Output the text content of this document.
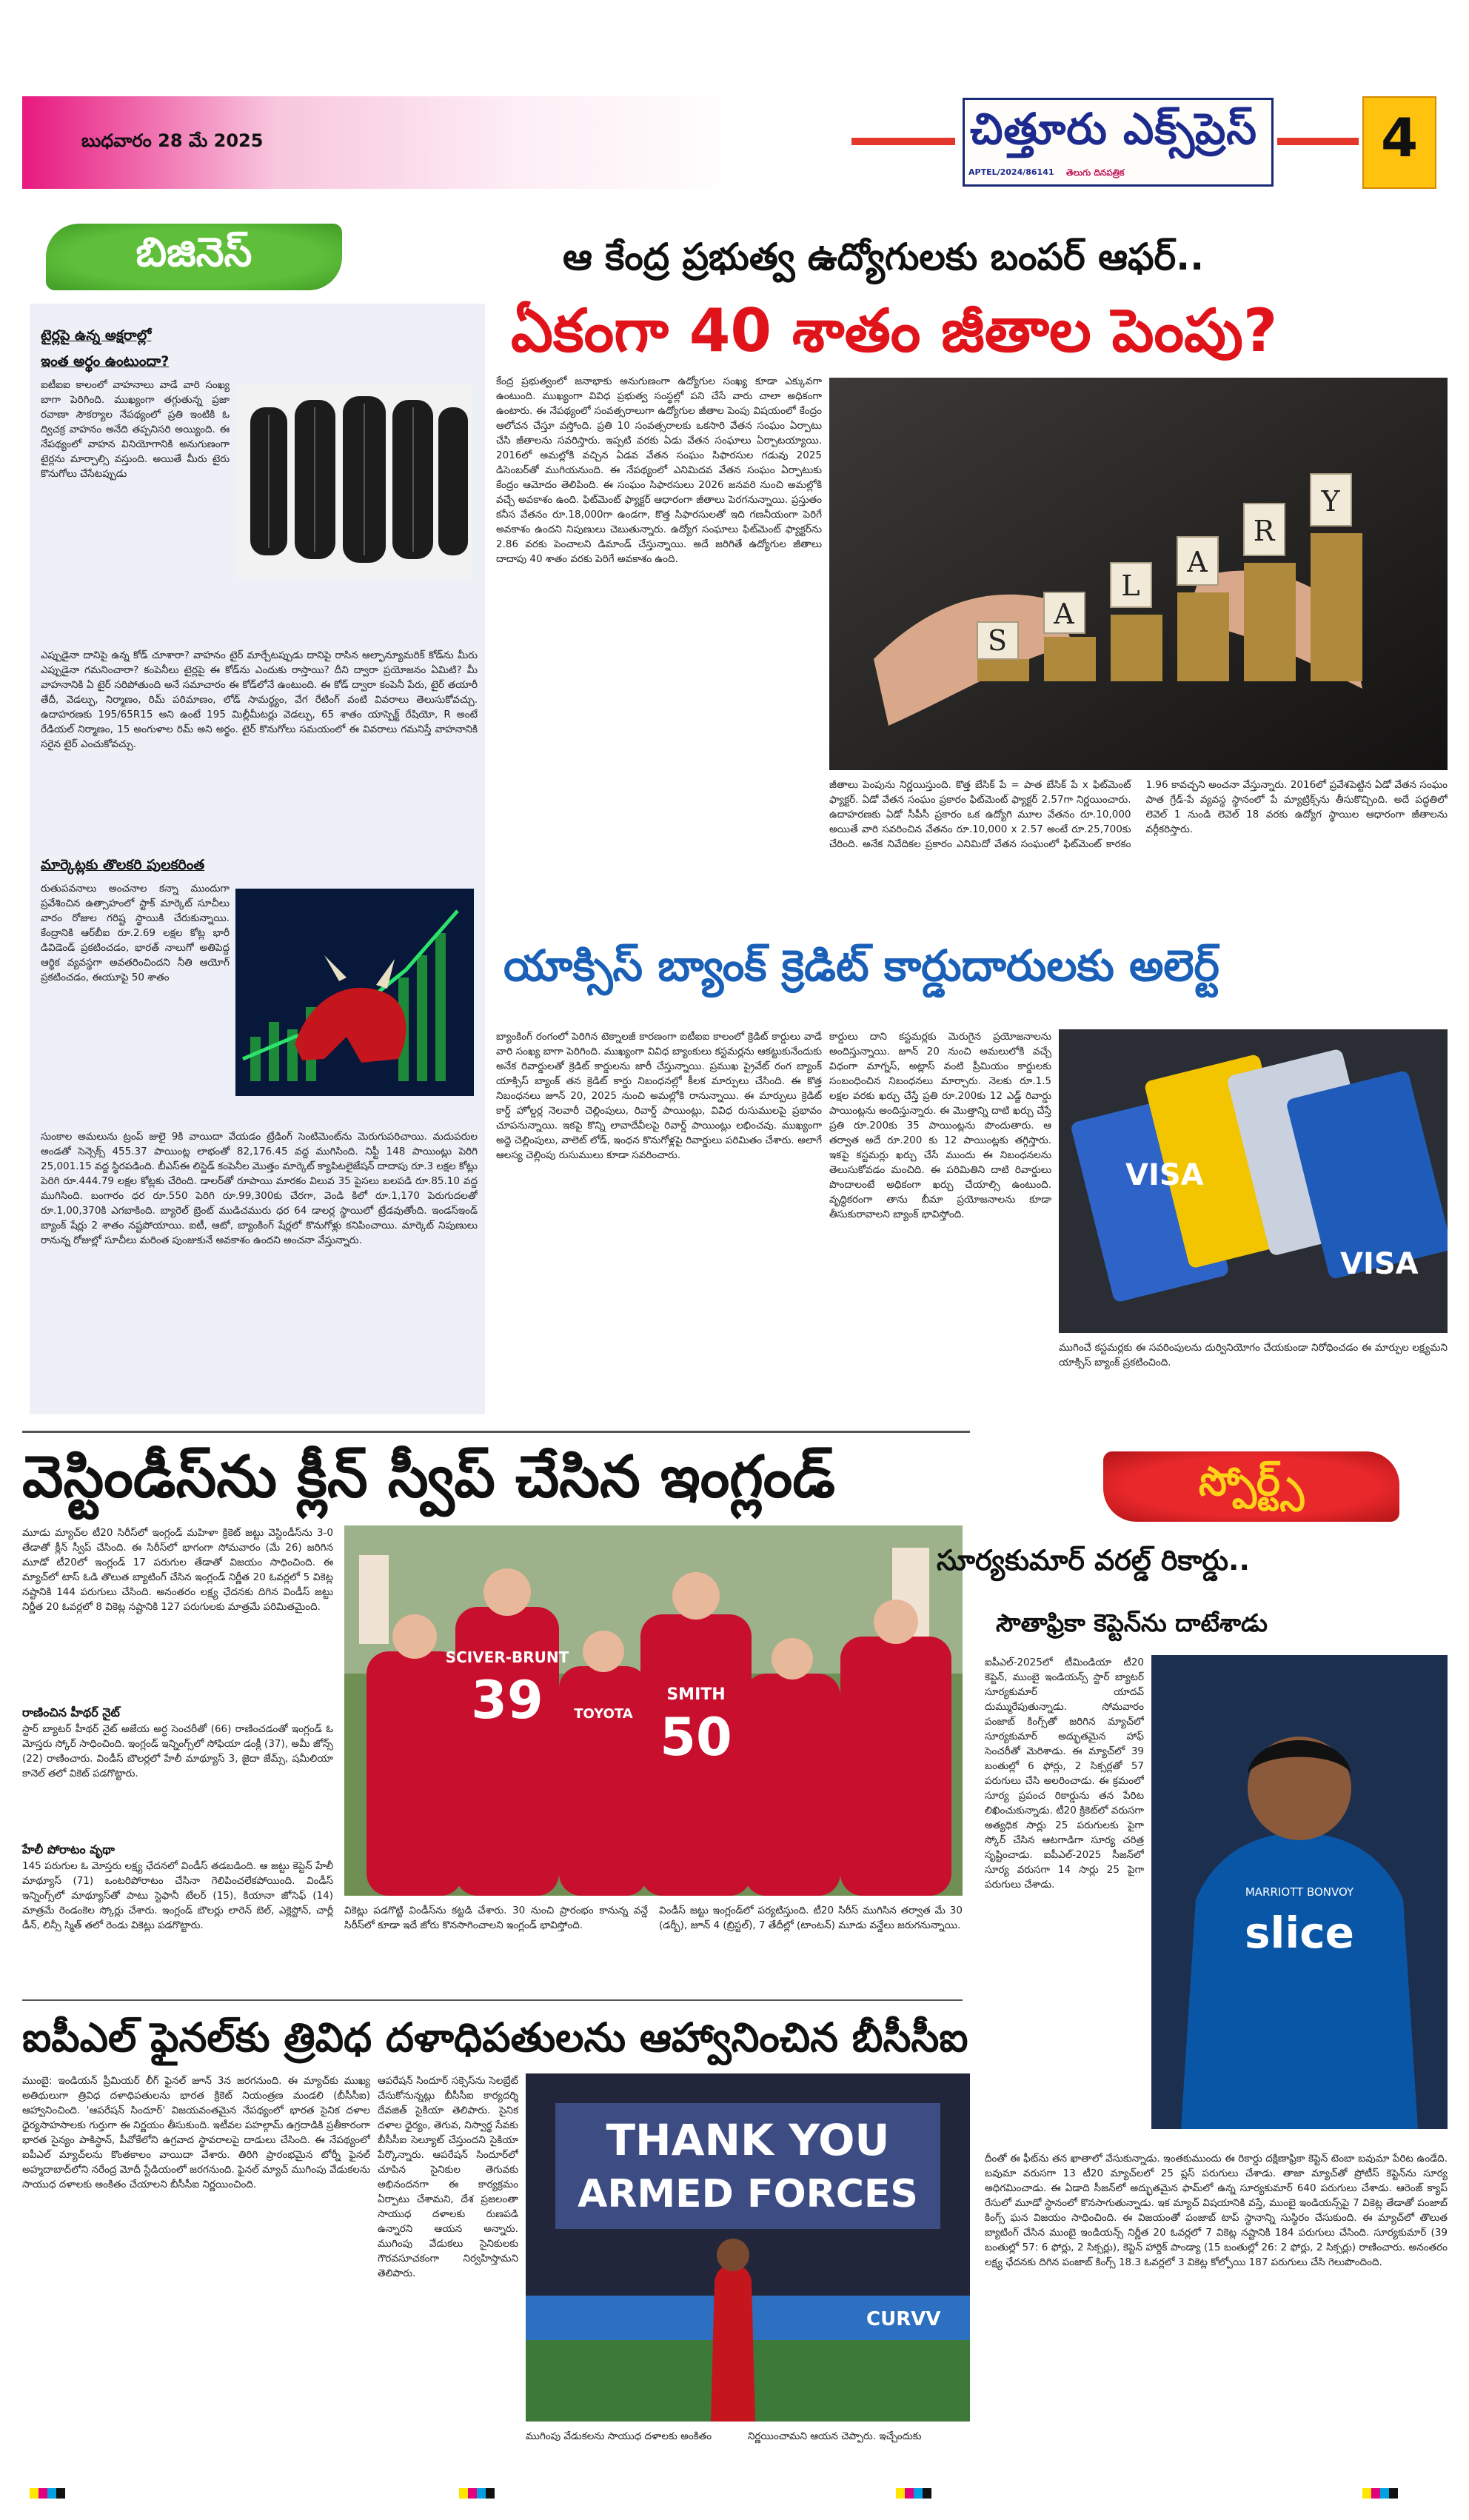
బుధవారం 28 మే 2025	చిత్తూరు ఎక్స్‌ప్రెస్
APTEL/2024/86141 తెలుగు దినపత్రిక
4
బిజినెస్	ఆ కేంద్ర ప్రభుత్వ ఉద్యోగులకు బంపర్ ఆఫర్..
ఏకంగా 40 శాతం జీతాల పెంపు?
టైర్లపై ఉన్న అక్షరాల్లో
ఇంత అర్థం ఉంటుందా?
ఐటీఐఐ కాలంలో వాహనాలు వాడే వారి సంఖ్య బాగా పెరిగింది. ముఖ్యంగా తగ్గుతున్న ప్రజా రవాణా సౌకర్యాల నేపథ్యంలో ప్రతి ఇంటికి ఓ ద్విచక్ర వాహనం అనేది తప్పనిసరి అయ్యింది. ఈ నేపథ్యంలో వాహన వినియోగానికి అనుగుణంగా టైర్లను మార్చాల్సి వస్తుంది. అయితే మీరు టైరు కొనుగోలు చేసేటప్పుడు
ఎప్పుడైనా దానిపై ఉన్న కోడ్ చూశారా? వాహనం టైర్ మార్చేటప్పుడు దానిపై రాసిన ఆల్ఫాన్యూమరిక్ కోడ్‌ను మీరు ఎప్పుడైనా గమనించారా? కంపెనీలు టైర్లపై ఈ కోడ్‌ను ఎందుకు రాస్తాయి? దీని ద్వారా ప్రయోజనం ఏమిటి? మీ వాహనానికి ఏ టైర్ సరిపోతుంది అనే సమాచారం ఈ కోడ్‌లోనే ఉంటుంది. ఈ కోడ్ ద్వారా కంపెనీ పేరు, టైర్ తయారీ తేదీ, వెడల్పు, నిర్మాణం, రిమ్ పరిమాణం, లోడ్ సామర్థ్యం, వేగ రేటింగ్ వంటి వివరాలు తెలుసుకోవచ్చు. ఉదాహరణకు 195/65R15 అని ఉంటే 195 మిల్లీమీటర్లు వెడల్పు, 65 శాతం యాస్పెక్ట్ రేషియో, R అంటే రేడియల్ నిర్మాణం, 15 అంగుళాల రిమ్ అని అర్థం. టైర్ కొనుగోలు సమయంలో ఈ వివరాలు గమనిస్తే వాహనానికి సరైన టైర్ ఎంచుకోవచ్చు.
మార్కెట్లకు తొలకరి పులకరింత
రుతుపవనాలు అంచనాల కన్నా ముందుగా ప్రవేశించిన ఉత్సాహంలో స్టాక్ మార్కెట్ సూచీలు వారం రోజుల గరిష్ట స్థాయికి చేరుకున్నాయి. కేంద్రానికి ఆర్‌బీఐ రూ.2.69 లక్షల కోట్ల భారీ డివిడెండ్ ప్రకటించడం, భారత్ నాలుగో అతిపెద్ద ఆర్థిక వ్యవస్థగా అవతరించిందని నీతి ఆయోగ్ ప్రకటించడం, ఈయూపై 50 శాతం
సుంకాల అమలును ట్రంప్ జులై 9కి వాయిదా వేయడం ట్రేడింగ్ సెంటిమెంట్‌ను మెరుగుపరిచాయి. మదుపరుల అండతో సెన్సెక్స్ 455.37 పాయింట్ల లాభంతో 82,176.45 వద్ద ముగిసింది. నిఫ్టీ 148 పాయింట్లు పెరిగి 25,001.15 వద్ద స్థిరపడింది. బీఎస్ఈ లిస్టెడ్ కంపెనీల మొత్తం మార్కెట్ క్యాపిటలైజేషన్ దాదాపు రూ.3 లక్షల కోట్లు పెరిగి రూ.444.79 లక్షల కోట్లకు చేరింది. డాలర్‌తో రూపాయి మారకం విలువ 35 పైసలు బలపడి రూ.85.10 వద్ద ముగిసింది. బంగారం ధర రూ.550 పెరిగి రూ.99,300కు చేరగా, వెండి కిలో రూ.1,170 పెరుగుదలతో రూ.1,00,370కి ఎగబాకింది. బ్యారెల్ బ్రెంట్ ముడిచమురు ధర 64 డాలర్ల స్థాయిలో ట్రేడవుతోంది. ఇండస్ఇండ్ బ్యాంక్ షేర్లు 2 శాతం నష్టపోయాయి. ఐటీ, ఆటో, బ్యాంకింగ్ షేర్లలో కొనుగోళ్లు కనిపించాయి. మార్కెట్ నిపుణులు రానున్న రోజుల్లో సూచీలు మరింత పుంజుకునే అవకాశం ఉందని అంచనా వేస్తున్నారు.
కేంద్ర ప్రభుత్వంలో జనాభాకు అనుగుణంగా ఉద్యోగుల సంఖ్య కూడా ఎక్కువగా ఉంటుంది. ముఖ్యంగా వివిధ ప్రభుత్వ సంస్థల్లో పని చేసే వారు చాలా అధికంగా ఉంటారు. ఈ నేపథ్యంలో సంవత్సరాలుగా ఉద్యోగుల జీతాల పెంపు విషయంలో కేంద్రం ఆలోచన చేస్తూ వస్తోంది. ప్రతి 10 సంవత్సరాలకు ఒకసారి వేతన సంఘం ఏర్పాటు చేసి జీతాలను సవరిస్తారు. ఇప్పటి వరకు ఏడు వేతన సంఘాలు ఏర్పాటయ్యాయి. 2016లో అమల్లోకి వచ్చిన ఏడవ వేతన సంఘం సిఫారసుల గడువు 2025 డిసెంబర్‌తో ముగియనుంది. ఈ నేపథ్యంలో ఎనిమిదవ వేతన సంఘం ఏర్పాటుకు కేంద్రం ఆమోదం తెలిపింది. ఈ సంఘం సిఫారసులు 2026 జనవరి నుంచి అమల్లోకి వచ్చే అవకాశం ఉంది. ఫిట్‌మెంట్ ఫ్యాక్టర్ ఆధారంగా జీతాలు పెరగనున్నాయి. ప్రస్తుతం కనీస వేతనం రూ.18,000గా ఉండగా, కొత్త సిఫారసులతో ఇది గణనీయంగా పెరిగే అవకాశం ఉందని నిపుణులు చెబుతున్నారు. ఉద్యోగ సంఘాలు ఫిట్‌మెంట్ ఫ్యాక్టర్‌ను 2.86 వరకు పెంచాలని డిమాండ్ చేస్తున్నాయి. అదే జరిగితే ఉద్యోగుల జీతాలు దాదాపు 40 శాతం వరకు పెరిగే అవకాశం ఉంది.
S
A
L
A
R
Y
జీతాలు పెంపును నిర్ణయిస్తుంది. కొత్త బేసిక్ పే = పాత బేసిక్ పే x ఫిట్‌మెంట్ ఫ్యాక్టర్. ఏడో వేతన సంఘం ప్రకారం ఫిట్‌మెంట్ ఫ్యాక్టర్ 2.57గా నిర్ణయించారు. ఉదాహరణకు ఏడో సీపీసీ ప్రకారం ఒక ఉద్యోగి మూల వేతనం రూ.10,000 అయితే వారి సవరించిన వేతనం రూ.10,000 x 2.57 అంటే రూ.25,700కు చేరింది. అనేక నివేదికల ప్రకారం ఎనిమిదో వేతన సంఘంలో ఫిట్‌మెంట్ కారకం 1.96 కావచ్చని అంచనా వేస్తున్నారు. 2016లో ప్రవేశపెట్టిన ఏడో వేతన సంఘం పాత గ్రేడ్-పే వ్యవస్థ స్థానంలో పే మ్యాట్రిక్స్‌ను తీసుకొచ్చింది. అదే పద్ధతిలో లెవెల్ 1 నుండి లెవెల్ 18 వరకు ఉద్యోగ స్థాయిల ఆధారంగా జీతాలను వర్గీకరిస్తారు.
యాక్సిస్ బ్యాంక్ క్రెడిట్ కార్డుదారులకు అలెర్ట్
బ్యాంకింగ్ రంగంలో పెరిగిన టెక్నాలజీ కారణంగా ఐటీఐఐ కాలంలో క్రెడిట్ కార్డులు వాడే వారి సంఖ్య బాగా పెరిగింది. ముఖ్యంగా వివిధ బ్యాంకులు కస్టమర్లను ఆకట్టుకునేందుకు అనేక రివార్డులతో క్రెడిట్ కార్డులను జారీ చేస్తున్నాయి. ప్రముఖ ప్రైవేట్ రంగ బ్యాంక్ యాక్సిస్ బ్యాంక్ తన క్రెడిట్ కార్డు నిబంధనల్లో కీలక మార్పులు చేసింది. ఈ కొత్త నిబంధనలు జూన్ 20, 2025 నుంచి అమల్లోకి రానున్నాయి. ఈ మార్పులు క్రెడిట్ కార్డ్ హోల్డర్ల నెలవారీ చెల్లింపులు, రివార్డ్ పాయింట్లు, వివిధ రుసుములపై ప్రభావం చూపనున్నాయి. ఇకపై కొన్ని లావాదేవీలపై రివార్డ్ పాయింట్లు లభించవు. ముఖ్యంగా అద్దె చెల్లింపులు, వాలెట్ లోడ్, ఇంధన కొనుగోళ్లపై రివార్డులు పరిమితం చేశారు. అలాగే ఆలస్య చెల్లింపు రుసుములు కూడా సవరించారు.
కార్డులు దాని కస్టమర్లకు మెరుగైన ప్రయోజనాలను అందిస్తున్నాయి. జూన్ 20 నుంచి అమలులోకి వచ్చే విధంగా మాగ్నస్, అట్లాస్ వంటి ప్రీమియం కార్డులకు సంబంధించిన నిబంధనలు మార్చారు. నెలకు రూ.1.5 లక్షల వరకు ఖర్చు చేస్తే ప్రతి రూ.200కు 12 ఎడ్జ్ రివార్డు పాయింట్లను అందిస్తున్నారు. ఈ మొత్తాన్ని దాటి ఖర్చు చేస్తే ప్రతి రూ.200కు 35 పాయింట్లను పొందుతారు. ఆ తర్వాత అదే రూ.200 కు 12 పాయింట్లకు తగ్గిస్తారు. ఇకపై కస్టమర్లు ఖర్చు చేసే ముందు ఈ నిబంధనలను తెలుసుకోవడం మంచిది. ఈ పరిమితిని దాటి రివార్డులు పొందాలంటే అధికంగా ఖర్చు చేయాల్సి ఉంటుంది. వృద్ధికరంగా తాను బీమా ప్రయోజనాలను కూడా తీసుకురావాలని బ్యాంక్ భావిస్తోంది.
VISA
VISA
ముగించే కస్టమర్లకు ఈ సవరింపులను దుర్వినియోగం చేయకుండా నిరోధించడం ఈ మార్పుల లక్ష్యమని యాక్సిస్ బ్యాంక్ ప్రకటించింది.
వెస్టిండీస్‌ను క్లీన్ స్వీప్ చేసిన ఇంగ్లండ్	స్పోర్ట్స్
మూడు మ్యాచ్‌ల టీ20 సిరీస్‌లో ఇంగ్లండ్ మహిళా క్రికెట్ జట్టు వెస్టిండీస్‌ను 3-0 తేడాతో క్లీన్ స్వీప్ చేసింది. ఈ సిరీస్‌లో భాగంగా సోమవారం (మే 26) జరిగిన మూడో టీ20లో ఇంగ్లండ్ 17 పరుగుల తేడాతో విజయం సాధించింది. ఈ మ్యాచ్‌లో టాస్ ఓడి తొలుత బ్యాటింగ్ చేసిన ఇంగ్లండ్ నిర్ణీత 20 ఓవర్లలో 5 వికెట్ల నష్టానికి 144 పరుగులు చేసింది. అనంతరం లక్ష్య ఛేదనకు దిగిన విండీస్ జట్టు నిర్ణీత 20 ఓవర్లలో 8 వికెట్ల నష్టానికి 127 పరుగులకు మాత్రమే పరిమితమైంది.
రాణించిన హీథర్ నైట్
స్టార్ బ్యాటర్ హీథర్ నైట్ అజేయ అర్ధ సెంచరీతో (66) రాణించడంతో ఇంగ్లండ్ ఓ మోస్తరు స్కోర్ సాధించింది. ఇంగ్లండ్ ఇన్నింగ్స్‌లో సోఫియా డంక్లీ (37), అమీ జోన్స్ (22) రాణించారు. విండీస్ బౌలర్లలో హేలీ మాథ్యూస్ 3, జైదా జేమ్స్, షమీలియా కానెల్ తలో వికెట్ పడగొట్టారు.
హేలీ పోరాటం వృథా
145 పరుగుల ఓ మోస్తరు లక్ష్య ఛేదనలో విండీస్ తడబడింది. ఆ జట్టు కెప్టెన్ హేలీ మాథ్యూస్ (71) ఒంటరిపోరాటం చేసినా గెలిపించలేకపోయింది. విండీస్ ఇన్నింగ్స్‌లో మాథ్యూస్‌తో పాటు స్టెఫానీ టేలర్ (15), కియానా జోసెఫ్ (14) మాత్రమే రెండంకెల స్కోర్లు చేశారు. ఇంగ్లండ్ బౌలర్లు లారెన్ బెల్, ఎక్లెస్టోన్, చార్లీ డీన్, లిన్సీ స్మిత్ తలో రెండు వికెట్లు పడగొట్టారు.
SCIVER-BRUNT
39	SMITH
50
TOYOTA
వికెట్లు పడగొట్టి విండీస్‌ను కట్టడి చేశారు. 30 నుంచి ప్రారంభం కానున్న వన్డే సిరీస్‌లో కూడా ఇదే జోరు కొనసాగించాలని ఇంగ్లండ్ భావిస్తోంది.
విండీస్ జట్టు ఇంగ్లండ్‌లో పర్యటిస్తుంది. టీ20 సిరీస్ ముగిసిన తర్వాత మే 30 (డర్బీ), జూన్ 4 (బ్రిస్టల్), 7 తేదీల్లో (టాంటన్) మూడు వన్డేలు జరుగనున్నాయి.
సూర్యకుమార్ వరల్డ్ రికార్డు..
సౌతాఫ్రికా కెప్టెన్‌ను దాటేశాడు
ఐపీఎల్-2025లో టీమిండియా టీ20 కెప్టెన్, ముంబై ఇండియన్స్ స్టార్ బ్యాటర్ సూర్యకుమార్ యాదవ్ దుమ్మురేపుతున్నాడు. సోమవారం పంజాబ్ కింగ్స్‌తో జరిగిన మ్యాచ్‌లో సూర్యకుమార్ అద్భుతమైన హాఫ్ సెంచరీతో మెరిశాడు. ఈ మ్యాచ్‌లో 39 బంతుల్లో 6 ఫోర్లు, 2 సిక్సర్లతో 57 పరుగులు చేసి అలరించాడు. ఈ క్రమంలో సూర్య ప్రపంచ రికార్డును తన పేరిట లిఖించుకున్నాడు. టీ20 క్రికెట్‌లో వరుసగా అత్యధిక సార్లు 25 పరుగులకు పైగా స్కోర్ చేసిన ఆటగాడిగా సూర్య చరిత్ర సృష్టించాడు. ఐపీఎల్-2025 సీజన్‌లో సూర్య వరుసగా 14 సార్లు 25 పైగా పరుగులు చేశాడు.
MARRIOTT BONVOY
slice
దీంతో ఈ ఫీట్‌ను తన ఖాతాలో వేసుకున్నాడు. ఇంతకుముందు ఈ రికార్డు దక్షిణాఫ్రికా కెప్టెన్ టెంబా బవుమా పేరిట ఉండేది. బవుమా వరుసగా 13 టీ20 మ్యాచ్‌లలో 25 ప్లస్ పరుగులు చేశాడు. తాజా మ్యాచ్‌తో ప్రోటీస్ కెప్టెన్‌ను సూర్య అధిగమించాడు. ఈ ఏడాది సీజన్‌లో అద్భుతమైన ఫామ్‌లో ఉన్న సూర్యకుమార్ 640 పరుగులు చేశాడు. ఆరెంజ్ క్యాప్ రేసులో మూడో స్థానంలో కొనసాగుతున్నాడు. ఇక మ్యాచ్ విషయానికి వస్తే, ముంబై ఇండియన్స్‌పై 7 వికెట్ల తేడాతో పంజాబ్ కింగ్స్ ఘన విజయం సాధించింది. ఈ విజయంతో పంజాబ్ టాప్ స్థానాన్ని సుస్థిరం చేసుకుంది. ఈ మ్యాచ్‌లో తొలుత బ్యాటింగ్ చేసిన ముంబై ఇండియన్స్ నిర్ణీత 20 ఓవర్లలో 7 వికెట్ల నష్టానికి 184 పరుగులు చేసింది. సూర్యకుమార్ (39 బంతుల్లో 57: 6 ఫోర్లు, 2 సిక్సర్లు), కెప్టెన్ హార్దిక్ పాండ్యా (15 బంతుల్లో 26: 2 ఫోర్లు, 2 సిక్సర్లు) రాణించారు. అనంతరం లక్ష్య ఛేదనకు దిగిన పంజాబ్ కింగ్స్ 18.3 ఓవర్లలో 3 వికెట్ల కోల్పోయి 187 పరుగులు చేసి గెలుపొందింది.
ఐపీఎల్ ఫైనల్‌కు త్రివిధ దళాధిపతులను ఆహ్వానించిన బీసీసీఐ
ముంబై: ఇండియన్ ప్రీమియర్ లీగ్ ఫైనల్ జూన్ 3న జరగనుంది. ఈ మ్యాచ్‌కు ముఖ్య అతిథులుగా త్రివిధ దళాధిపతులను భారత క్రికెట్ నియంత్రణ మండలి (బీసీసీఐ) ఆహ్వానించింది. 'ఆపరేషన్ సిందూర్' విజయవంతమైన నేపథ్యంలో భారత సైనిక దళాల ధైర్యసాహసాలకు గుర్తుగా ఈ నిర్ణయం తీసుకుంది. ఇటీవల పహల్గామ్ ఉగ్రదాడికి ప్రతీకారంగా భారత సైన్యం పాకిస్థాన్, పీవోకేలోని ఉగ్రవాద స్థావరాలపై దాడులు చేసింది. ఈ నేపథ్యంలో ఐపీఎల్ మ్యాచ్‌లను కొంతకాలం వాయిదా వేశారు. తిరిగి ప్రారంభమైన టోర్నీ ఫైనల్ అహ్మదాబాద్‌లోని నరేంద్ర మోదీ స్టేడియంలో జరగనుంది. ఫైనల్ మ్యాచ్ ముగింపు వేడుకలను సాయుధ దళాలకు అంకితం చేయాలని బీసీసీఐ నిర్ణయించింది.
ఆపరేషన్ సిందూర్ సక్సెస్‌ను సెలబ్రేట్ చేసుకోనున్నట్లు బీసీసీఐ కార్యదర్శి దేవజిత్ సైకియా తెలిపారు. సైనిక దళాల ధైర్యం, తెగువ, నిస్వార్థ సేవకు బీసీసీఐ సెల్యూట్ చేస్తుందని సైకియా పేర్కొన్నారు. ఆపరేషన్ సిందూర్‌లో చూపిన సైనికుల తెగువకు అభినందనగా ఈ కార్యక్రమం ఏర్పాటు చేశామని, దేశ ప్రజలంతా సాయుధ దళాలకు రుణపడి ఉన్నారని ఆయన అన్నారు. ముగింపు వేడుకలు సైనికులకు గౌరవసూచకంగా నిర్వహిస్తామని తెలిపారు.
THANK YOU
ARMED FORCES
CURVV
ముగింపు వేడుకలను సాయుధ దళాలకు అంకితం	నిర్ణయించామని ఆయన చెప్పారు. ఇచ్చేందుకు
